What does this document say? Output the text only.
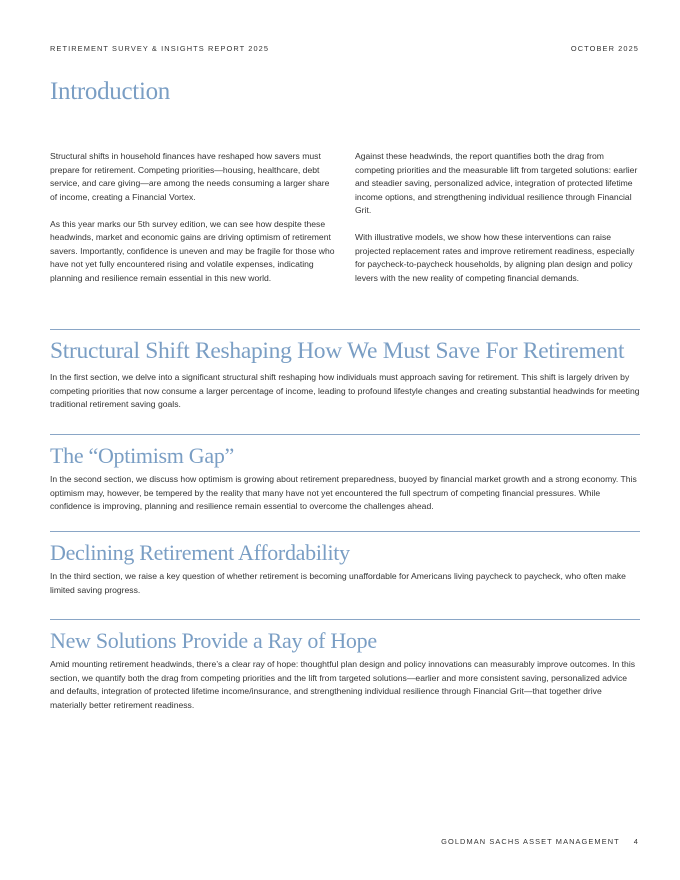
RETIREMENT SURVEY & INSIGHTS REPORT 2025	OCTOBER 2025
Introduction

Structural shifts in household finances have reshaped how savers must prepare for retirement. Competing priorities—housing, healthcare, debt service, and care giving—are among the needs consuming a larger share of income, creating a Financial Vortex.

As this year marks our 5th survey edition, we can see how despite these headwinds, market and economic gains are driving optimism of retirement savers. Importantly, confidence is uneven and may be fragile for those who have not yet fully encountered rising and volatile expenses, indicating planning and resilience remain essential in this new world.

Against these headwinds, the report quantifies both the drag from competing priorities and the measurable lift from targeted solutions: earlier and steadier saving, personalized advice, integration of protected lifetime income options, and strengthening individual resilience through Financial Grit.

With illustrative models, we show how these interventions can raise projected replacement rates and improve retirement readiness, especially for paycheck-to-paycheck households, by aligning plan design and policy levers with the new reality of competing financial demands.

Structural Shift Reshaping How We Must Save For Retirement

In the first section, we delve into a significant structural shift reshaping how individuals must approach saving for retirement. This shift is largely driven by competing priorities that now consume a larger percentage of income, leading to profound lifestyle changes and creating substantial headwinds for meeting traditional retirement saving goals.

The “Optimism Gap”

In the second section, we discuss how optimism is growing about retirement preparedness, buoyed by financial market growth and a strong economy. This optimism may, however, be tempered by the reality that many have not yet encountered the full spectrum of competing financial pressures. While confidence is improving, planning and resilience remain essential to overcome the challenges ahead.

Declining Retirement Affordability

In the third section, we raise a key question of whether retirement is becoming unaffordable for Americans living paycheck to paycheck, who often make limited saving progress.

New Solutions Provide a Ray of Hope

Amid mounting retirement headwinds, there’s a clear ray of hope: thoughtful plan design and policy innovations can measurably improve outcomes. In this section, we quantify both the drag from competing priorities and the lift from targeted solutions—earlier and more consistent saving, personalized advice and defaults, integration of protected lifetime income/insurance, and strengthening individual resilience through Financial Grit—that together drive materially better retirement readiness.

GOLDMAN SACHS ASSET MANAGEMENT 4
